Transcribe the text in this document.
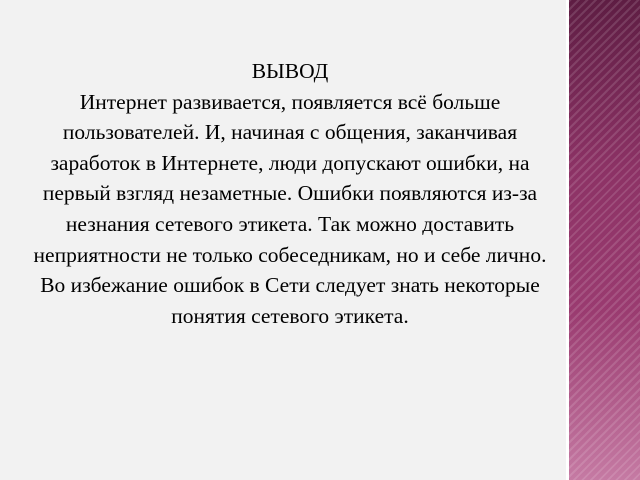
ВЫВОД
Интернет развивается, появляется всё больше пользователей. И, начиная с общения, заканчивая заработок в Интернете, люди допускают ошибки, на первый взгляд незаметные. Ошибки появляются из-за незнания сетевого этикета. Так можно доставить неприятности не только собеседникам, но и себе лично. Во избежание ошибок в Сети следует знать некоторые понятия сетевого этикета.
